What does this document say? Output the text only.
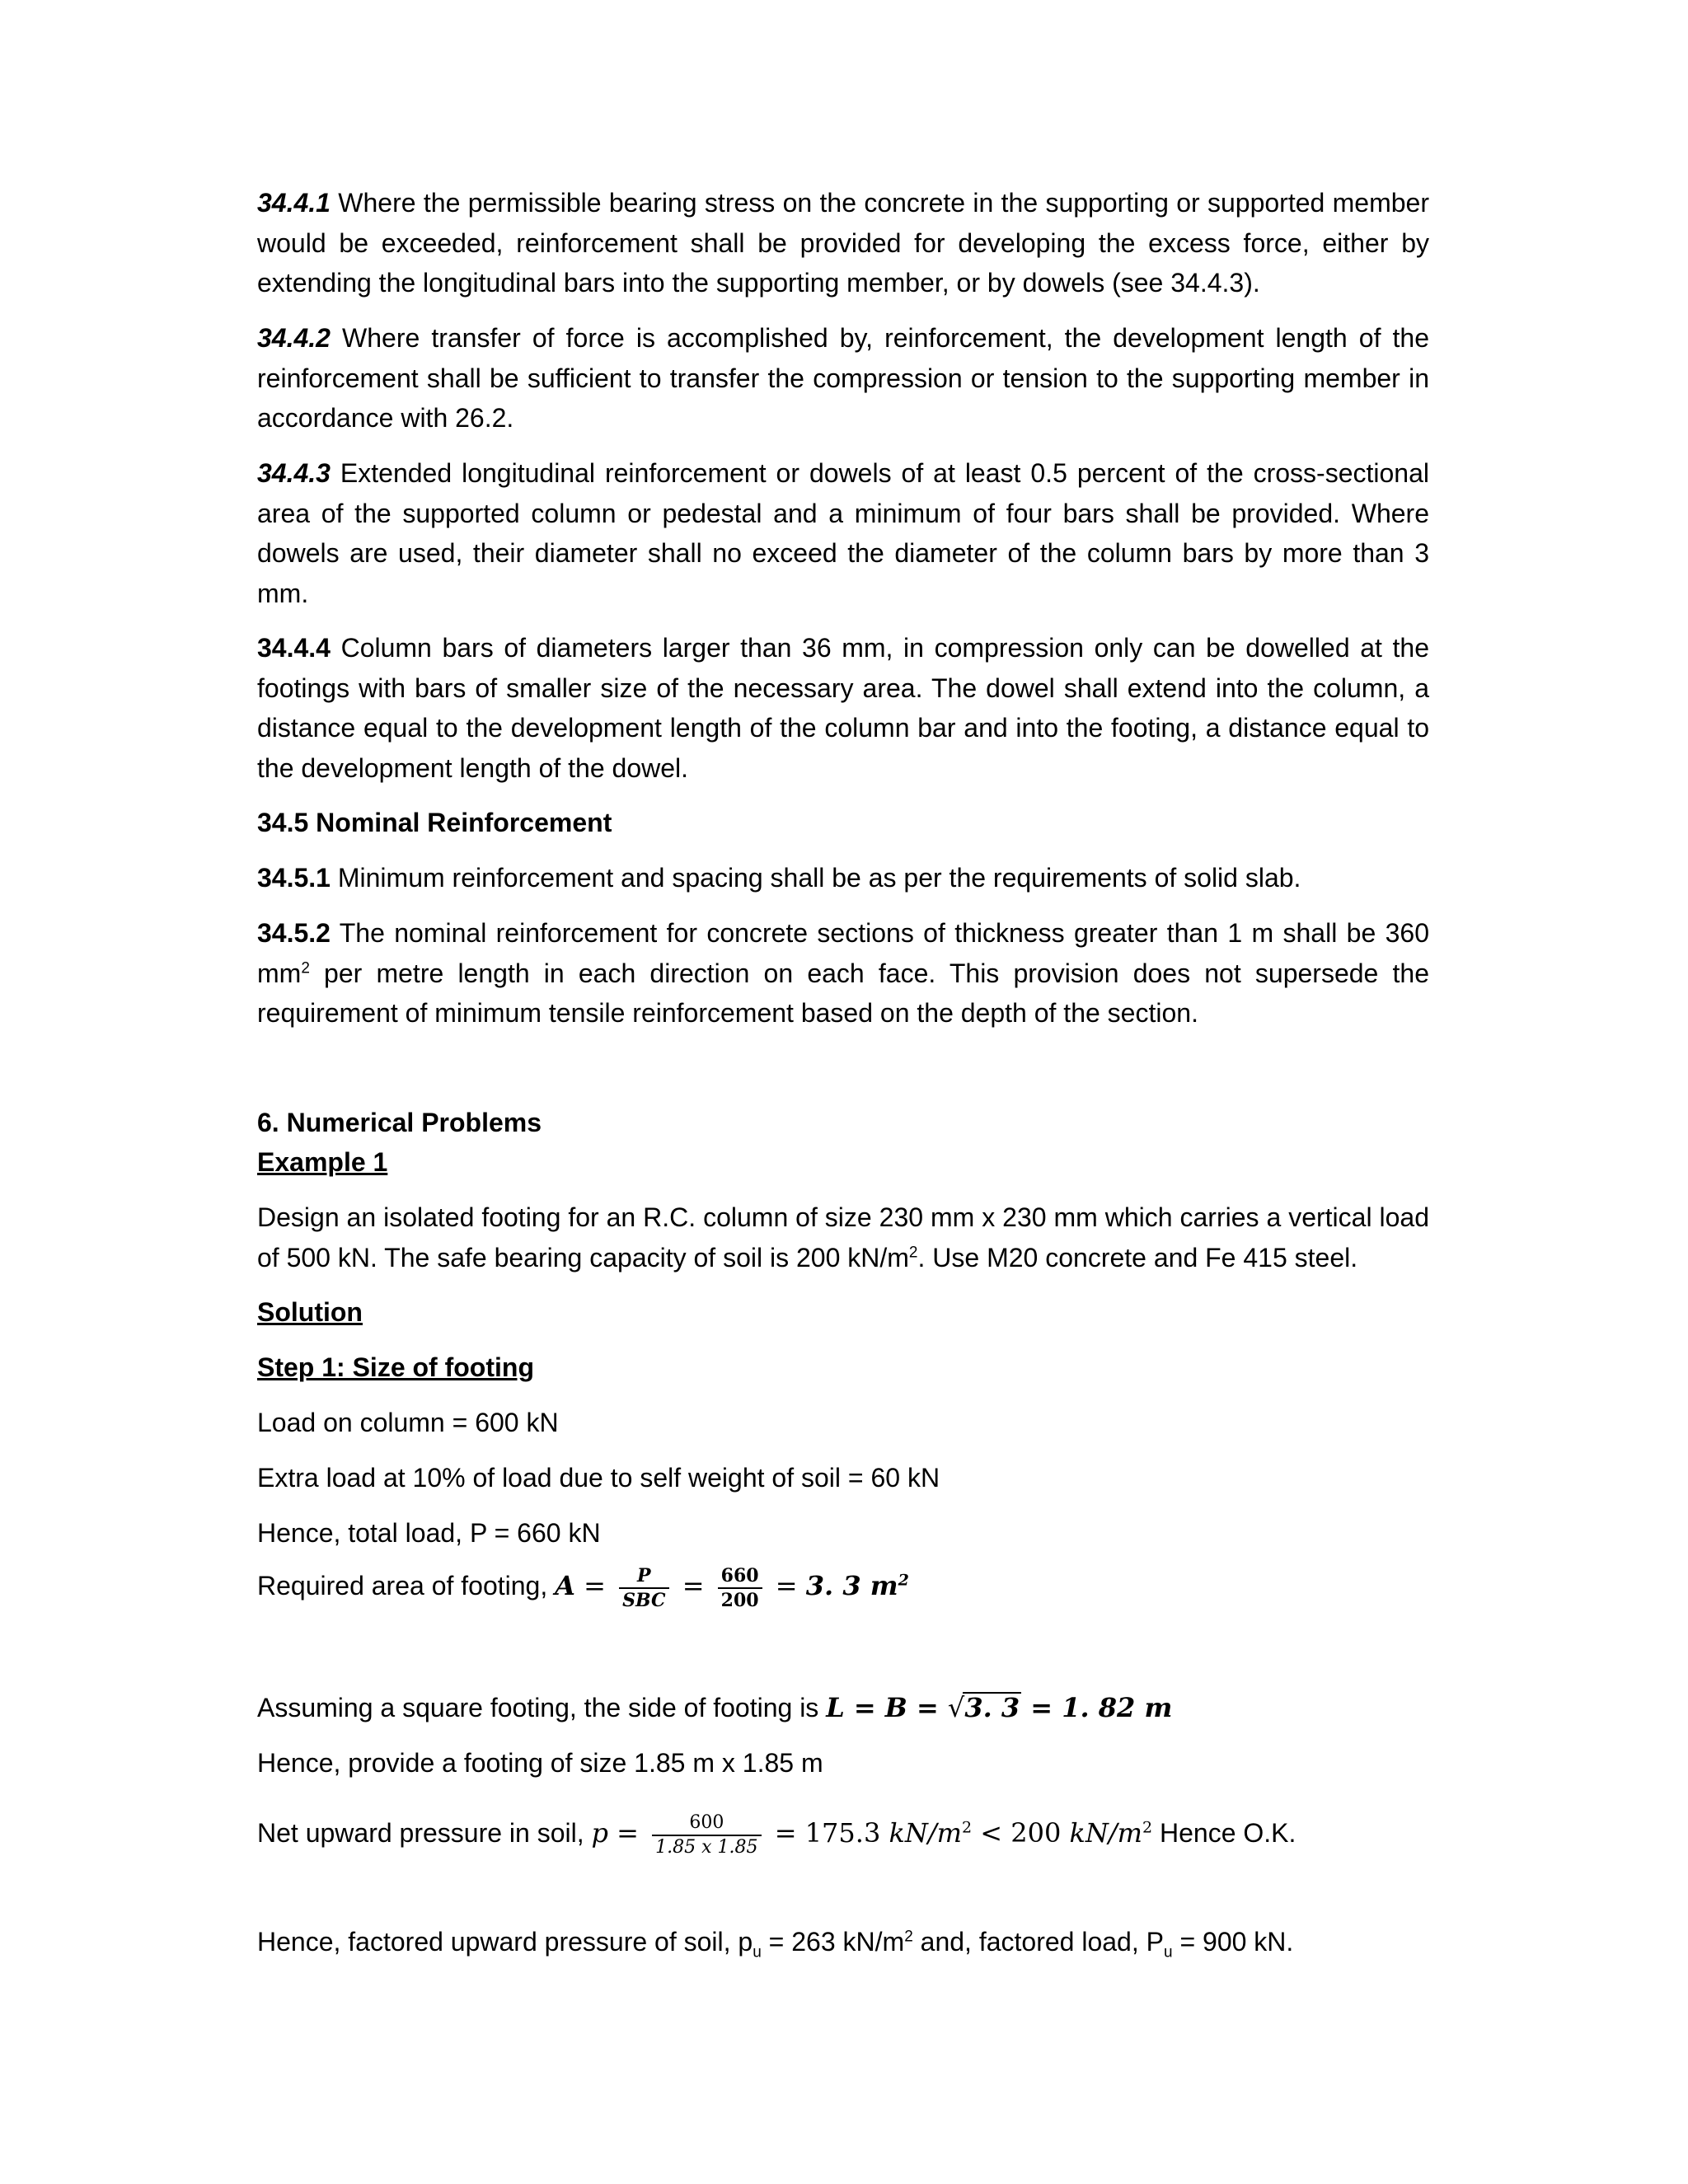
34.4.1 Where the permissible bearing stress on the concrete in the supporting or supported member would be exceeded, reinforcement shall be provided for developing the excess force, either by extending the longitudinal bars into the supporting member, or by dowels (see 34.4.3).

34.4.2 Where transfer of force is accomplished by, reinforcement, the development length of the reinforcement shall be sufficient to transfer the compression or tension to the supporting member in accordance with 26.2.

34.4.3 Extended longitudinal reinforcement or dowels of at least 0.5 percent of the cross-sectional area of the supported column or pedestal and a minimum of four bars shall be provided. Where dowels are used, their diameter shall no exceed the diameter of the column bars by more than 3 mm.

34.4.4 Column bars of diameters larger than 36 mm, in compression only can be dowelled at the footings with bars of smaller size of the necessary area. The dowel shall extend into the column, a distance equal to the development length of the column bar and into the footing, a distance equal to the development length of the dowel.

34.5 Nominal Reinforcement

34.5.1 Minimum reinforcement and spacing shall be as per the requirements of solid slab.

34.5.2 The nominal reinforcement for concrete sections of thickness greater than 1 m shall be 360 $mm^2$ per metre length in each direction on each face. This provision does not supersede the requirement of minimum tensile reinforcement based on the depth of the section.

6. Numerical Problems

Example 1

Design an isolated footing for an R.C. column of size 230 mm x 230 mm which carries a vertical load of 500 kN. The safe bearing capacity of soil is 200 $kN/m^2$. Use M20 concrete and Fe 415 steel.

Solution

Step 1: Size of footing

Load on column = 600 kN

Extra load at 10% of load due to self weight of soil = 60 kN

Hence, total load, P = 660 kN

Required area of footing, $A = \frac{P}{\text{SBC}} = \frac{660}{200} = 3$. 3 $m^2$

Assuming a square footing, the side of footing is L = B = √3. 3 = 1. 82 m

Hence, provide a footing of size 1.85 m x 1.85 m

Net upward pressure in soil, $p = \frac{600}{1.85 x 1.85} = 175.3$ $kN/m^2 < 200$ $kN/m^2$ Hence O.K.

Hence, factored upward pressure of soil, $p_u = 263$ $kN/m^2$ and, factored load, $P_u = 900$ kN.
